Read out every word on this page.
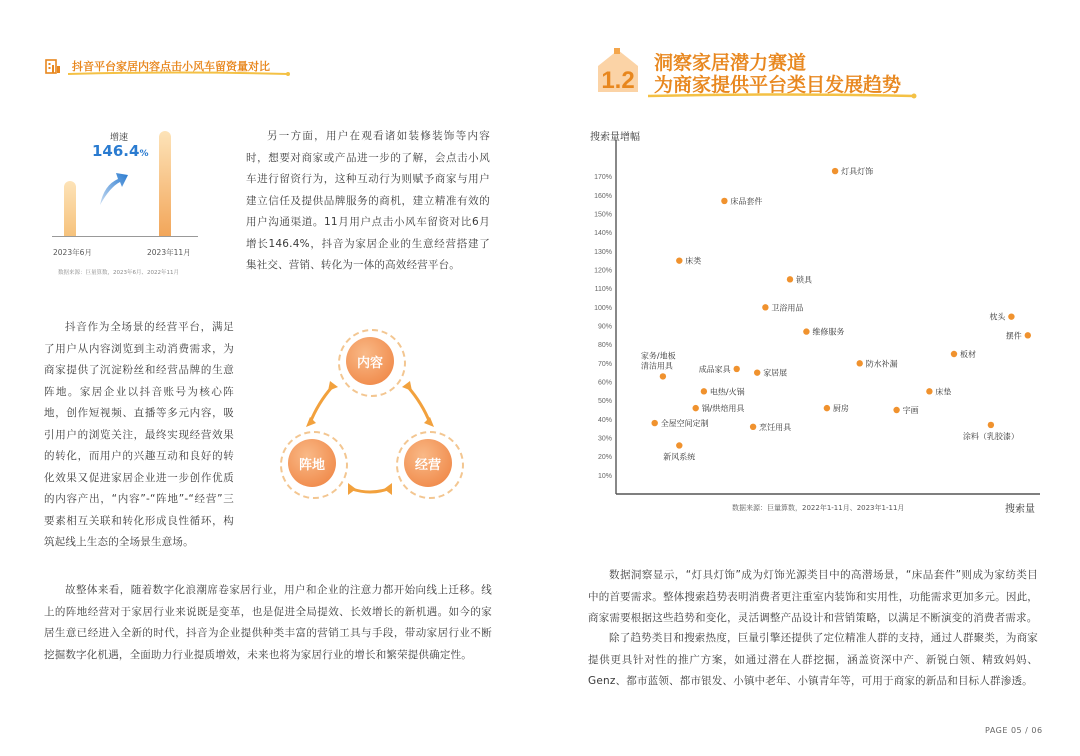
抖音平台家居内容点击小风车留资量对比
1.2
洞察家居潜力赛道
为商家提供平台类目发展趋势
增速
146.4%
2023年6月	2023年11月
数据来源：巨量算数，2023年6月、2022年11月
另一方面，用户在观看诸如装修装饰等内容时，想要对商家或产品进一步的了解，会点击小风车进行留资行为，这种互动行为则赋予商家与用户建立信任及提供品牌服务的商机，建立精准有效的用户沟通渠道。11月用户点击小风车留资对比6月增长146.4%，抖音为家居企业的生意经营搭建了集社交、营销、转化为一体的高效经营平台。
抖音作为全场景的经营平台，满足了用户从内容浏览到主动消费需求，为商家提供了沉淀粉丝和经营品牌的生意阵地。家居企业以抖音账号为核心阵地，创作短视频、直播等多元内容，吸引用户的浏览关注，最终实现经营效果的转化，而用户的兴趣互动和良好的转化效果又促进家居企业进一步创作优质的内容产出，“内容”-“阵地”-“经营”三要素相互关联和转化形成良性循环，构筑起线上生态的全场景生意场。
故整体来看，随着数字化浪潮席卷家居行业，用户和企业的注意力都开始向线上迁移。线上的阵地经营对于家居行业来说既是变革，也是促进全局提效、长效增长的新机遇。如今的家居生意已经进入全新的时代，抖音为企业提供种类丰富的营销工具与手段，带动家居行业不断挖掘数字化机遇，全面助力行业提质增效，未来也将为家居行业的增长和繁荣提供确定性。
数据洞察显示，“灯具灯饰”成为灯饰光源类目中的高潜场景，“床品套件”则成为家纺类目中的首要需求。整体搜索趋势表明消费者更注重室内装饰和实用性，功能需求更加多元。因此，商家需要根据这些趋势和变化，灵活调整产品设计和营销策略，以满足不断演变的消费者需求。
除了趋势类目和搜索热度，巨量引擎还提供了定位精准人群的支持，通过人群聚类，为商家提供更具针对性的推广方案，如通过潜在人群挖掘，涵盖资深中产、新锐白领、精致妈妈、Genz、都市蓝领、都市银发、小镇中老年、小镇青年等，可用于商家的新品和目标人群渗透。
内容
阵地	经营
搜索量增幅
搜索量
数据来源：巨量算数，2022年1-11月、2023年1-11月
10%
20%
30%
40%
50%
60%
70%
80%
90%
100%
110%
120%
130%
140%
150%
160%
170%
灯具灯饰
床品套件
床类
锁具
卫浴用品
维修服务
枕头
摆件
板材
家务/地板
清洁用具	成品家具	家居展
防水补漏
电热/火锅	床垫
锅/烘焙用具	厨房	字画
全屋空间定制	烹饪用具
涂料（乳胶漆）
新风系统
PAGE 05 / 06
